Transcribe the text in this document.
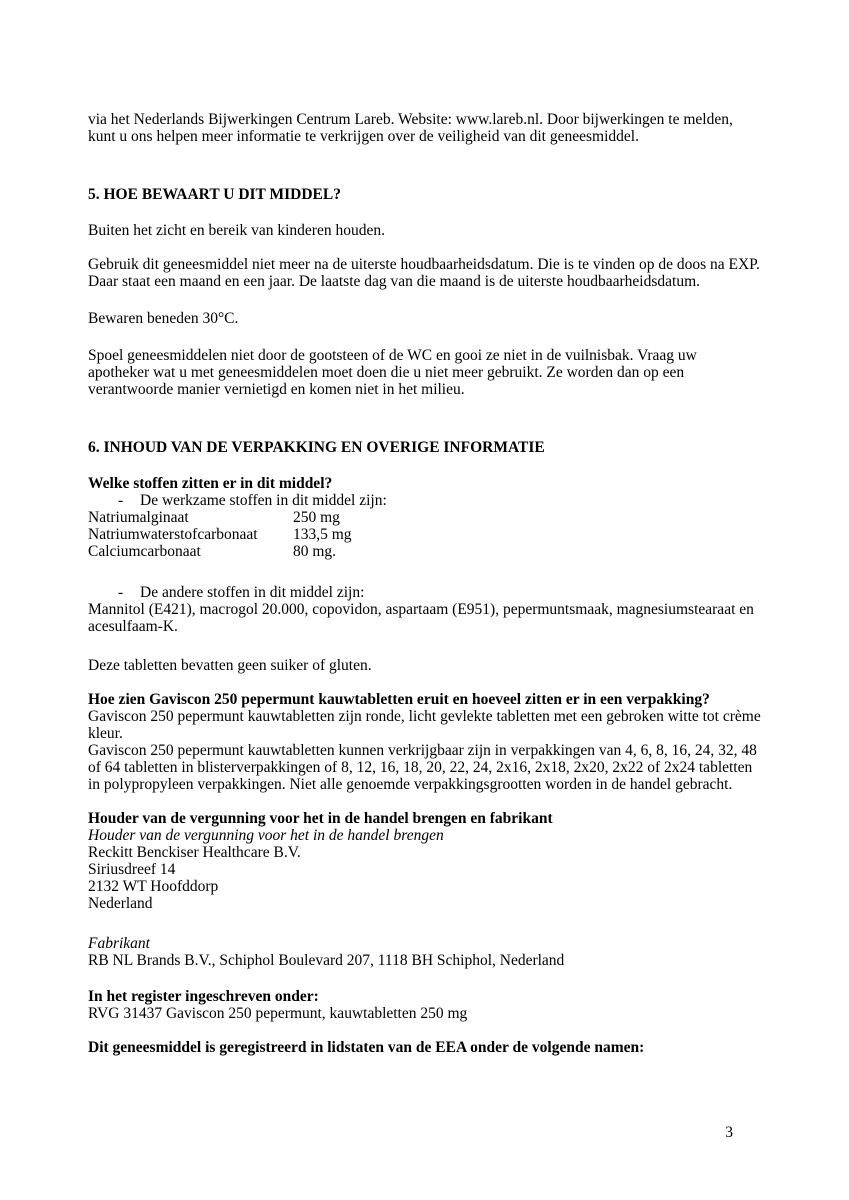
via het Nederlands Bijwerkingen Centrum Lareb. Website: www.lareb.nl. Door bijwerkingen te melden, kunt u ons helpen meer informatie te verkrijgen over de veiligheid van dit geneesmiddel.

5. HOE BEWAART U DIT MIDDEL?

Buiten het zicht en bereik van kinderen houden.

Gebruik dit geneesmiddel niet meer na de uiterste houdbaarheidsdatum. Die is te vinden op de doos na EXP. Daar staat een maand en een jaar. De laatste dag van die maand is de uiterste houdbaarheidsdatum.

Bewaren beneden 30°C.

Spoel geneesmiddelen niet door de gootsteen of de WC en gooi ze niet in de vuilnisbak. Vraag uw apotheker wat u met geneesmiddelen moet doen die u niet meer gebruikt. Ze worden dan op een verantwoorde manier vernietigd en komen niet in het milieu.

6. INHOUD VAN DE VERPAKKING EN OVERIGE INFORMATIE

Welke stoffen zitten er in dit middel?

-	De werkzame stoffen in dit middel zijn:
Natriumalginaat	250 mg
Natriumwaterstofcarbonaat	133,5 mg
Calciumcarbonaat	80 mg.
-	De andere stoffen in dit middel zijn:

Mannitol (E421), macrogol 20.000, copovidon, aspartaam (E951), pepermuntsmaak, magnesiumstearaat en acesulfaam-K.

Deze tabletten bevatten geen suiker of gluten.

Hoe zien Gaviscon 250 pepermunt kauwtabletten eruit en hoeveel zitten er in een verpakking?

Gaviscon 250 pepermunt kauwtabletten zijn ronde, licht gevlekte tabletten met een gebroken witte tot crème kleur.

Gaviscon 250 pepermunt kauwtabletten kunnen verkrijgbaar zijn in verpakkingen van 4, 6, 8, 16, 24, 32, 48 of 64 tabletten in blisterverpakkingen of 8, 12, 16, 18, 20, 22, 24, 2x16, 2x18, 2x20, 2x22 of 2x24 tabletten in polypropyleen verpakkingen. Niet alle genoemde verpakkingsgrootten worden in de handel gebracht.

Houder van de vergunning voor het in de handel brengen en fabrikant

Houder van de vergunning voor het in de handel brengen

Reckitt Benckiser Healthcare B.V.

Siriusdreef 14

2132 WT Hoofddorp

Nederland

Fabrikant

RB NL Brands B.V., Schiphol Boulevard 207, 1118 BH Schiphol, Nederland

In het register ingeschreven onder:

RVG 31437 Gaviscon 250 pepermunt, kauwtabletten 250 mg

Dit geneesmiddel is geregistreerd in lidstaten van de EEA onder de volgende namen:

3
